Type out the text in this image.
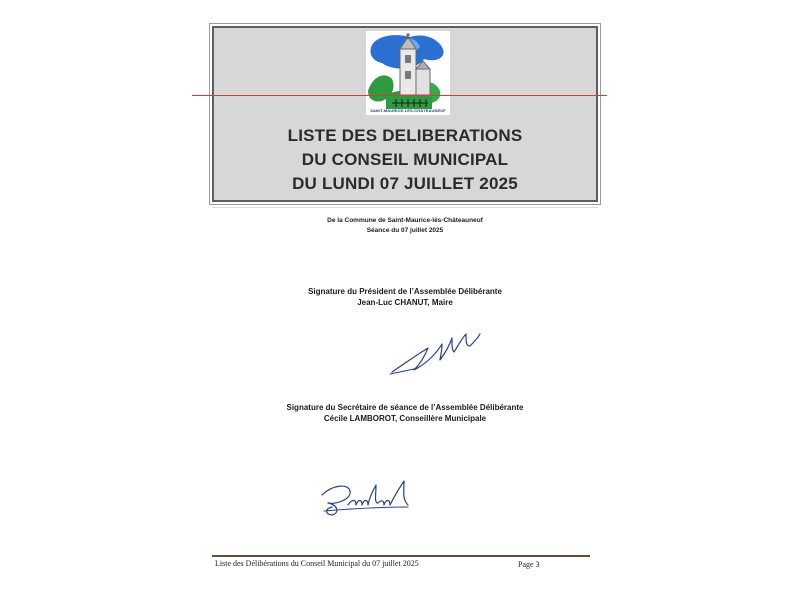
SAINT-MAURICE-LÈS-CHÂTEAUNEUF
LISTE DES DELIBERATIONS
DU CONSEIL MUNICIPAL
DU LUNDI 07 JUILLET 2025
De la Commune de Saint-Maurice-lès-Châteauneuf
Séance du 07 juillet 2025
Signature du Président de l’Assemblée Délibérante
Jean-Luc CHANUT, Maire
Signature du Secrétaire de séance de l’Assemblée Délibérante
Cécile LAMBOROT, Conseillère Municipale
Liste des Délibérations du Conseil Municipal du 07 juillet 2025	Page 3
